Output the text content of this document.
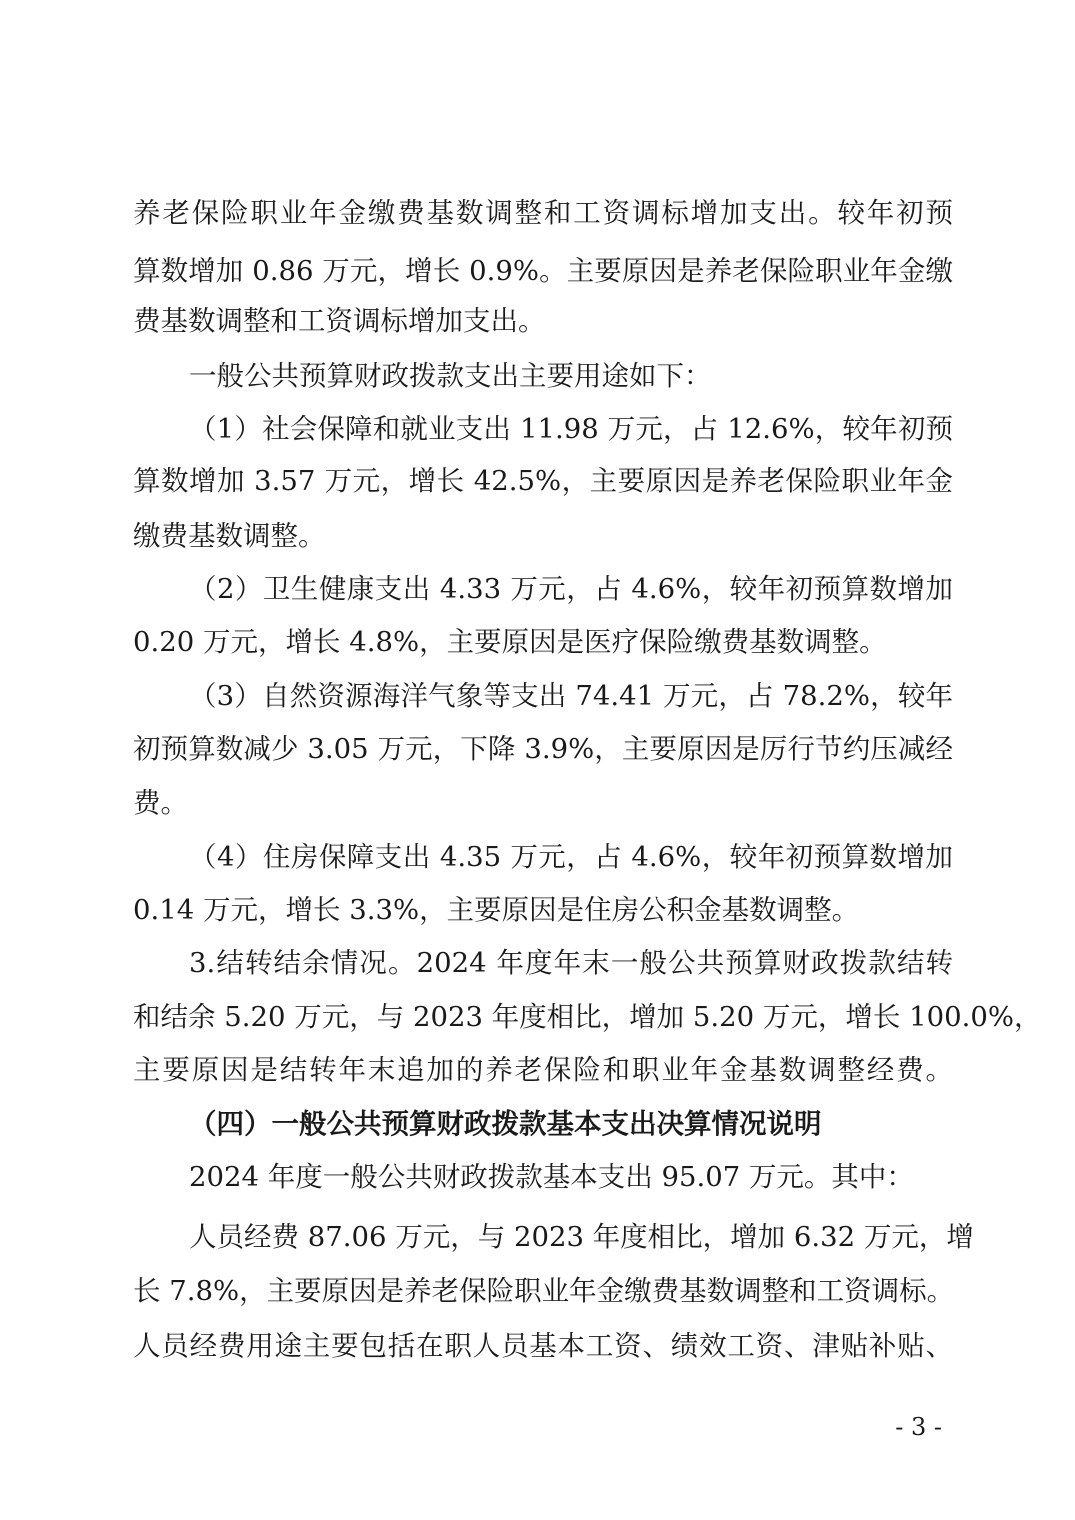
养老保险职业年金缴费基数调整和工资调标增加支出。较年初预
算数增加 0.86 万元，增长 0.9%。主要原因是养老保险职业年金缴
费基数调整和工资调标增加支出。
一般公共预算财政拨款支出主要用途如下：
（1）社会保障和就业支出 11.98 万元，占 12.6%，较年初预
算数增加 3.57 万元，增长 42.5%，主要原因是养老保险职业年金
缴费基数调整。
（2）卫生健康支出 4.33 万元，占 4.6%，较年初预算数增加
0.20 万元，增长 4.8%，主要原因是医疗保险缴费基数调整。
（3）自然资源海洋气象等支出 74.41 万元，占 78.2%，较年
初预算数减少 3.05 万元，下降 3.9%，主要原因是厉行节约压减经
费。
（4）住房保障支出 4.35 万元，占 4.6%，较年初预算数增加
0.14 万元，增长 3.3%，主要原因是住房公积金基数调整。
3.结转结余情况。2024 年度年末一般公共预算财政拨款结转
和结余 5.20 万元，与 2023 年度相比，增加 5.20 万元，增长 100.0%，
主要原因是结转年末追加的养老保险和职业年金基数调整经费。
（四）一般公共预算财政拨款基本支出决算情况说明
2024 年度一般公共财政拨款基本支出 95.07 万元。其中：
人员经费 87.06 万元，与 2023 年度相比，增加 6.32 万元，增
长 7.8%，主要原因是养老保险职业年金缴费基数调整和工资调标。
人员经费用途主要包括在职人员基本工资、绩效工资、津贴补贴、
- 3 -
